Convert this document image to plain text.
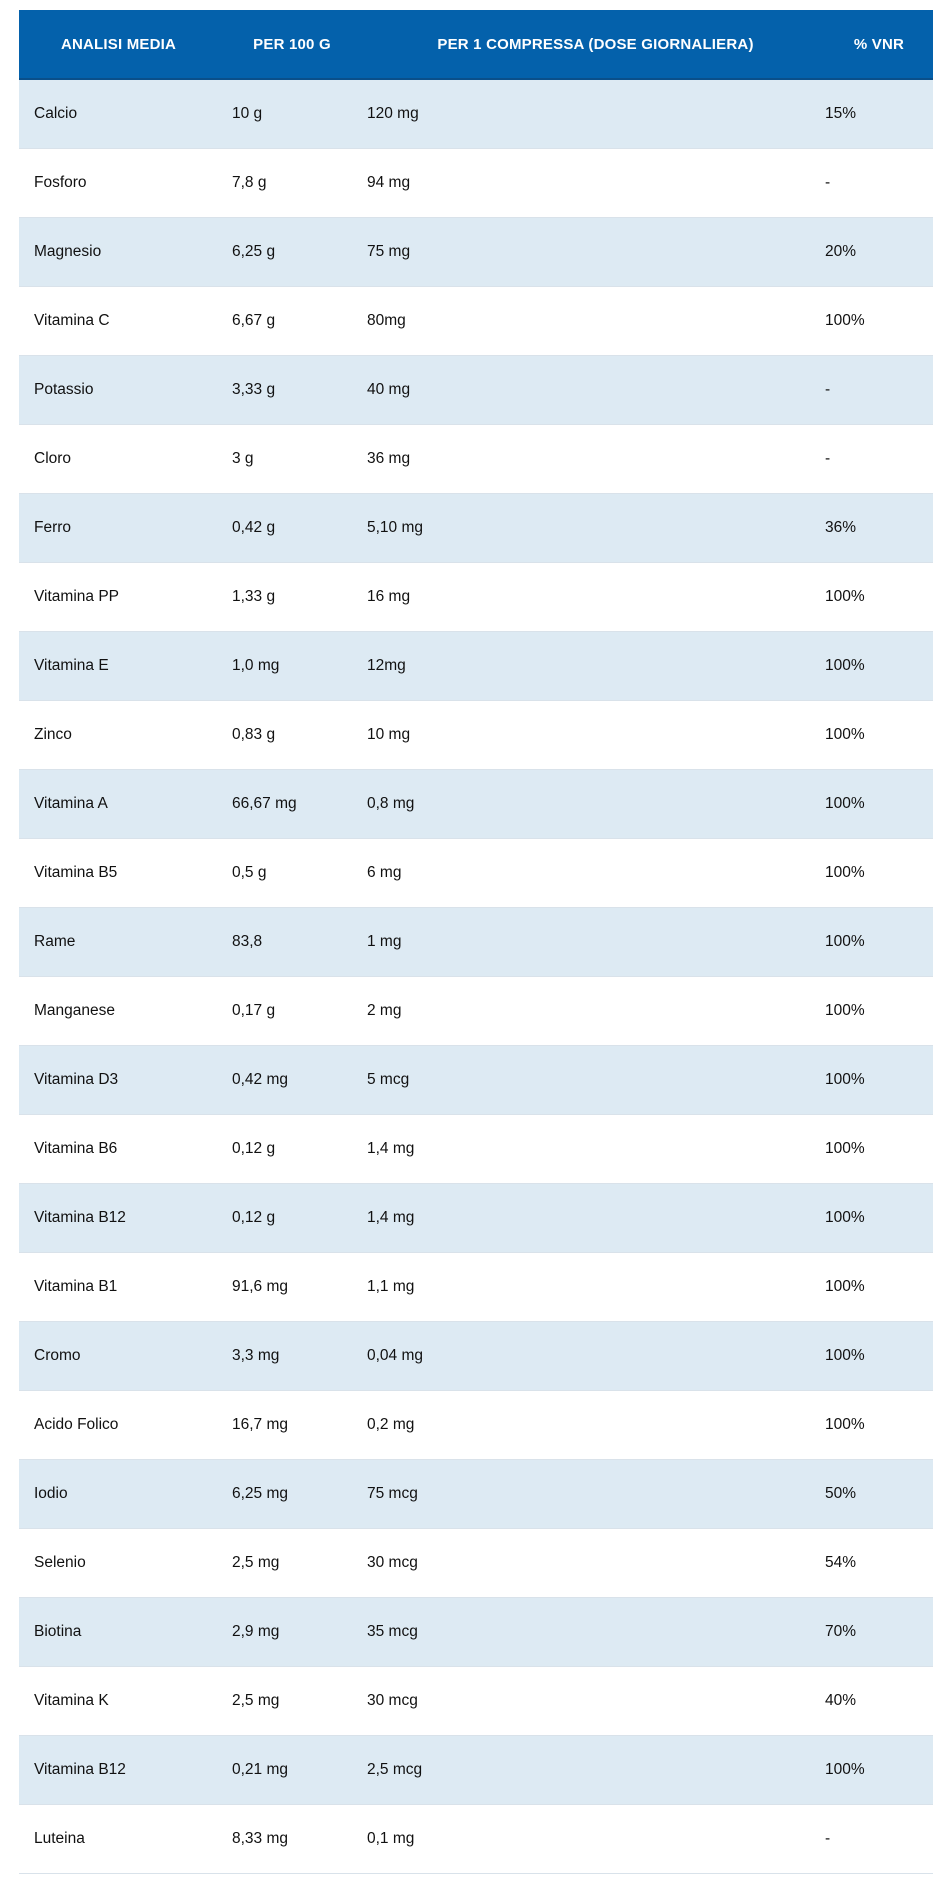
ANALISI MEDIA	PER 100 G	PER 1 COMPRESSA (DOSE GIORNALIERA)	% VNR
Calcio	10 g	120 mg	15%
Fosforo	7,8 g	94 mg	-
Magnesio	6,25 g	75 mg	20%
Vitamina C	6,67 g	80mg	100%
Potassio	3,33 g	40 mg	-
Cloro	3 g	36 mg	-
Ferro	0,42 g	5,10 mg	36%
Vitamina PP	1,33 g	16 mg	100%
Vitamina E	1,0 mg	12mg	100%
Zinco	0,83 g	10 mg	100%
Vitamina A	66,67 mg	0,8 mg	100%
Vitamina B5	0,5 g	6 mg	100%
Rame	83,8	1 mg	100%
Manganese	0,17 g	2 mg	100%
Vitamina D3	0,42 mg	5 mcg	100%
Vitamina B6	0,12 g	1,4 mg	100%
Vitamina B12	0,12 g	1,4 mg	100%
Vitamina B1	91,6 mg	1,1 mg	100%
Cromo	3,3 mg	0,04 mg	100%
Acido Folico	16,7 mg	0,2 mg	100%
Iodio	6,25 mg	75 mcg	50%
Selenio	2,5 mg	30 mcg	54%
Biotina	2,9 mg	35 mcg	70%
Vitamina K	2,5 mg	30 mcg	40%
Vitamina B12	0,21 mg	2,5 mcg	100%
Luteina	8,33 mg	0,1 mg	-
